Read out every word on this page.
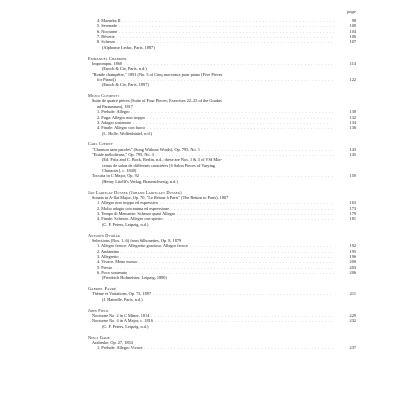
page
4. Mazurka II . . .	98
5. Serenade . . .	100
6. Nocturne . . .	104
7. Rêverie . . .	106
8. Scherzo . . .	107
(Alphonse Leduc, Paris, 1887)
Emmanuel Chabrier
Impromptu, 1860 . . .	114
(Enoch & Cie, Paris, n.d.)
"Ronde champêtre," 1891 (No. 5 of Cinq morceaux pour piano [Five Pieces
for Piano]) . . .	122
(Enoch & Cie, Paris, 1897)
Muzio Clementi
Suite de quatre pièces (Suite of Four Pieces; Exercises 22–25 of the Gradus
ad Parnassum), 1817
1. Prelude: Allegro . . .	130
2. Fuga: Allegro non troppo . . .	132
3. Adagio sostenuto . . .	134
4. Finale: Allegro con fuoco . . .	136
(L. Holle, Wolfenbüttel, n.d.)
Carl Czerny
"Chanson sans paroles" (Song Without Words), Op. 795, No. 1 . . .	143
"Etude mélodieuse," Op. 795, No. 3 . . .	145
(Ed. Fritz and C. Bock, Berlin, n.d.; these are Nos. 1 & 3 of VSI Mor-
ceaux de salon de différents caractères [6 Salon Pieces of Varying
Character], c. 1840)
Toccata in C Major, Op. 92 . . .	150
(Henry Litolff's Verlag, Braunschweig, n.d.)
Jan Ladislav Dussek (Johann Ladislaus Dussek)
Sonata in A-flat Major, Op. 70, "Le Retour à Paris" (The Return to Paris), 1807
1. Allegro non troppo ed espressivo . . .	163
2. Molto adagio con anima ed espressione . . .	173
3. Tempo di Menuetto: Scherzo quasi Allegro . . .	179
4. Finale: Scherzo. Allegro con spirito . . .	181
(C. F. Peters, Leipzig, n.d.)
Antonín Dvořák
Selections (Nos. 1–6) from Silhouettes, Op. 8, 1879
1. Allegro feroce: Allegretto grazioso. Allegro feroce . . .	192
2. Andantino . . .	195
3. Allegretto . . .	196
4. Vivace. Meno mosso . . .	200
5. Presto . . .	203
6. Poco sostenuto . . .	206
(Friedrich Hofmeister, Leipzig, 1880)
Gabriel Fauré
Thème et Variations, Op. 73, 1897 . . .	211
(J. Hamelle, Paris, n.d.)
John Field
Nocturne No. 2 in C Minor, 1814 . . .	229
Nocturne No. 4 in A Major, c. 1816 . . .	232
(C. F. Peters, Leipzig, n.d.)
Niels Gade
Arabeske, Op. 27, 1854
1. Prelude: Allegro Vivace . . .	237
